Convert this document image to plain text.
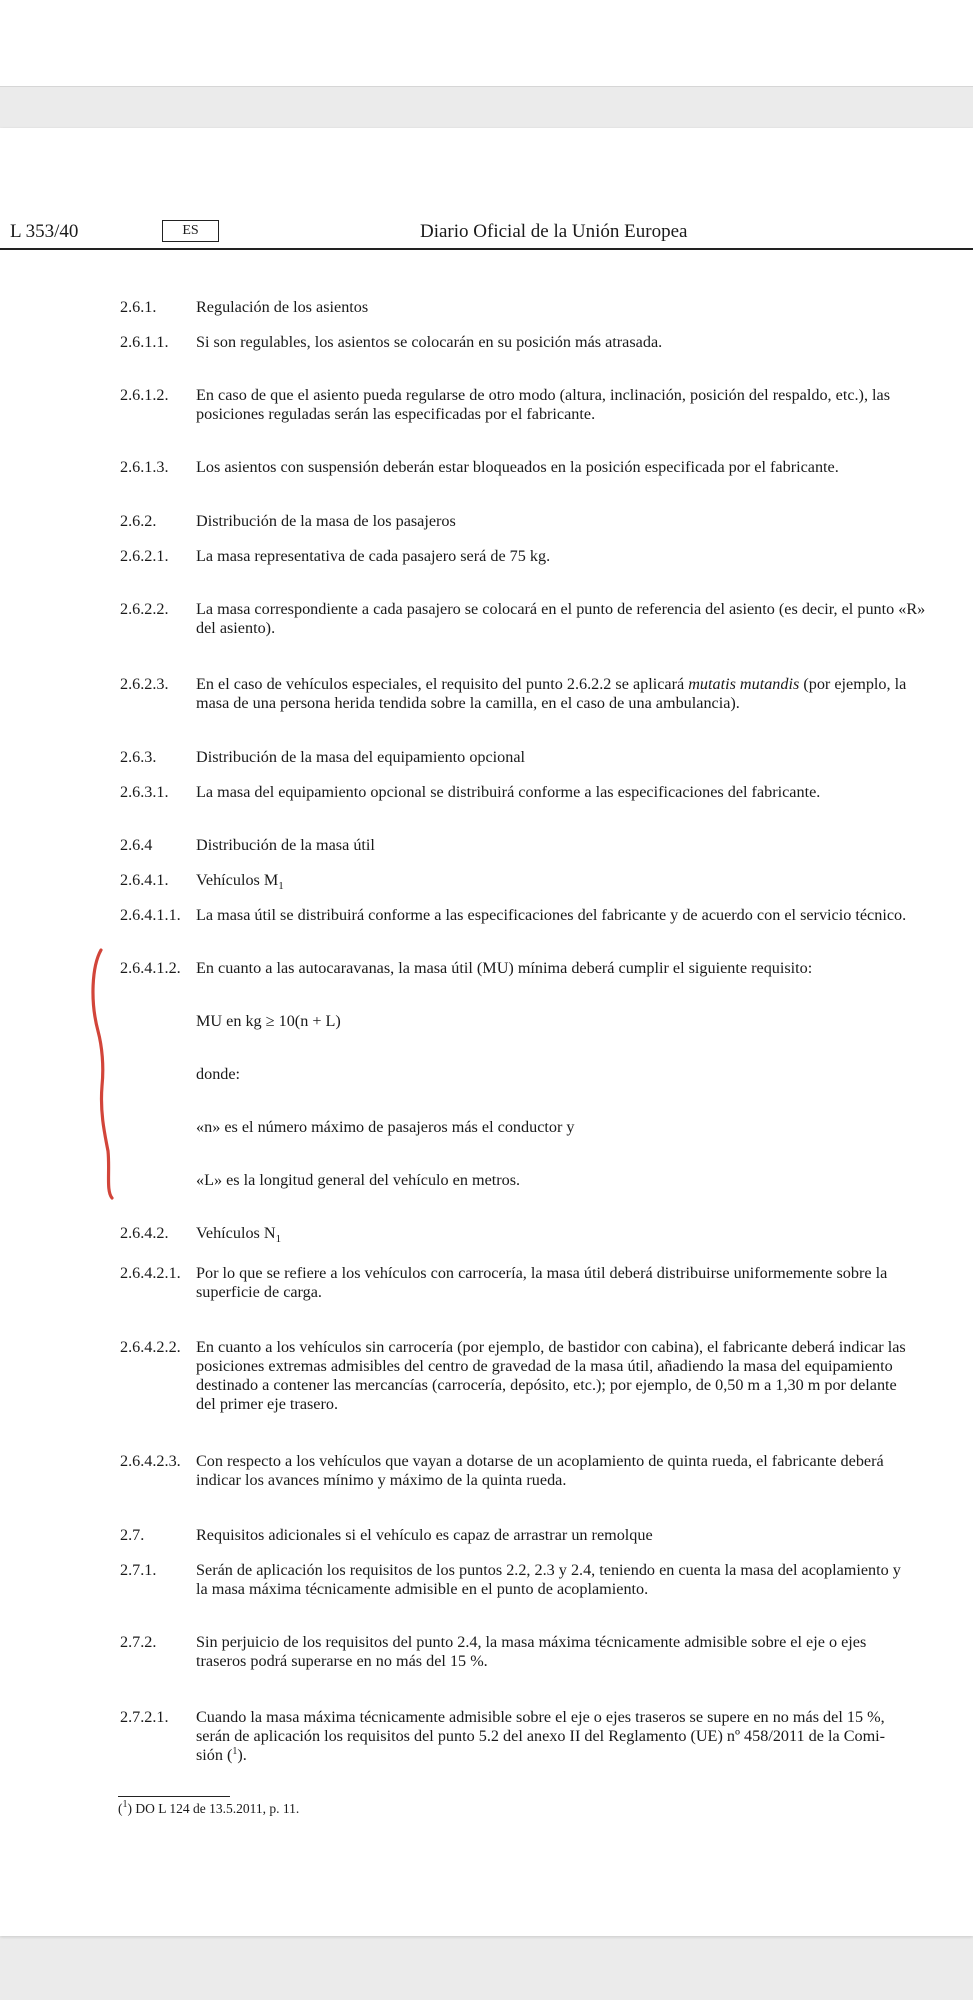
L 353/40	ES	Diario Oficial de la Unión Europea
2.6.1. Regulación de los asientos
2.6.1.1. Si son regulables, los asientos se colocarán en su posición más atrasada.
2.6.1.2. En caso de que el asiento pueda regularse de otro modo (altura, inclinación, posición del respaldo, etc.), las
posiciones reguladas serán las especificadas por el fabricante.
2.6.1.3. Los asientos con suspensión deberán estar bloqueados en la posición especificada por el fabricante.
2.6.2. Distribución de la masa de los pasajeros
2.6.2.1. La masa representativa de cada pasajero será de 75 kg.
2.6.2.2. La masa correspondiente a cada pasajero se colocará en el punto de referencia del asiento (es decir, el punto «R»
del asiento).
2.6.2.3. En el caso de vehículos especiales, el requisito del punto 2.6.2.2 se aplicará mutatis mutandis (por ejemplo, la
masa de una persona herida tendida sobre la camilla, en el caso de una ambulancia).
2.6.3. Distribución de la masa del equipamiento opcional
2.6.3.1. La masa del equipamiento opcional se distribuirá conforme a las especificaciones del fabricante.
2.6.4	Distribución de la masa útil
2.6.4.1. Vehículos $M_1$
2.6.4.1.1. La masa útil se distribuirá conforme a las especificaciones del fabricante y de acuerdo con el servicio técnico.
2.6.4.1.2. En cuanto a las autocaravanas, la masa útil (MU) mínima deberá cumplir el siguiente requisito:
MU en kg ≥ 10(n + L)
donde:
«n» es el número máximo de pasajeros más el conductor y
«L» es la longitud general del vehículo en metros.
2.6.4.2. Vehículos $N_1$
2.6.4.2.1. Por lo que se refiere a los vehículos con carrocería, la masa útil deberá distribuirse uniformemente sobre la
superficie de carga.
2.6.4.2.2. En cuanto a los vehículos sin carrocería (por ejemplo, de bastidor con cabina), el fabricante deberá indicar las
posiciones extremas admisibles del centro de gravedad de la masa útil, añadiendo la masa del equipamiento
destinado a contener las mercancías (carrocería, depósito, etc.); por ejemplo, de 0,50 m a 1,30 m por delante
del primer eje trasero.
2.6.4.2.3. Con respecto a los vehículos que vayan a dotarse de un acoplamiento de quinta rueda, el fabricante deberá
indicar los avances mínimo y máximo de la quinta rueda.
2.7.	Requisitos adicionales si el vehículo es capaz de arrastrar un remolque
2.7.1. Serán de aplicación los requisitos de los puntos 2.2, 2.3 y 2.4, teniendo en cuenta la masa del acoplamiento y
la masa máxima técnicamente admisible en el punto de acoplamiento.
2.7.2. Sin perjuicio de los requisitos del punto 2.4, la masa máxima técnicamente admisible sobre el eje o ejes
traseros podrá superarse en no más del 15 %.
2.7.2.1. Cuando la masa máxima técnicamente admisible sobre el eje o ejes traseros se supere en no más del 15 %,
serán de aplicación los requisitos del punto 5.2 del anexo II del Reglamento (UE) nº 458/2011 de la Comi-
sión ($^1$).
($^1$) DO L 124 de 13.5.2011, p. 11.
